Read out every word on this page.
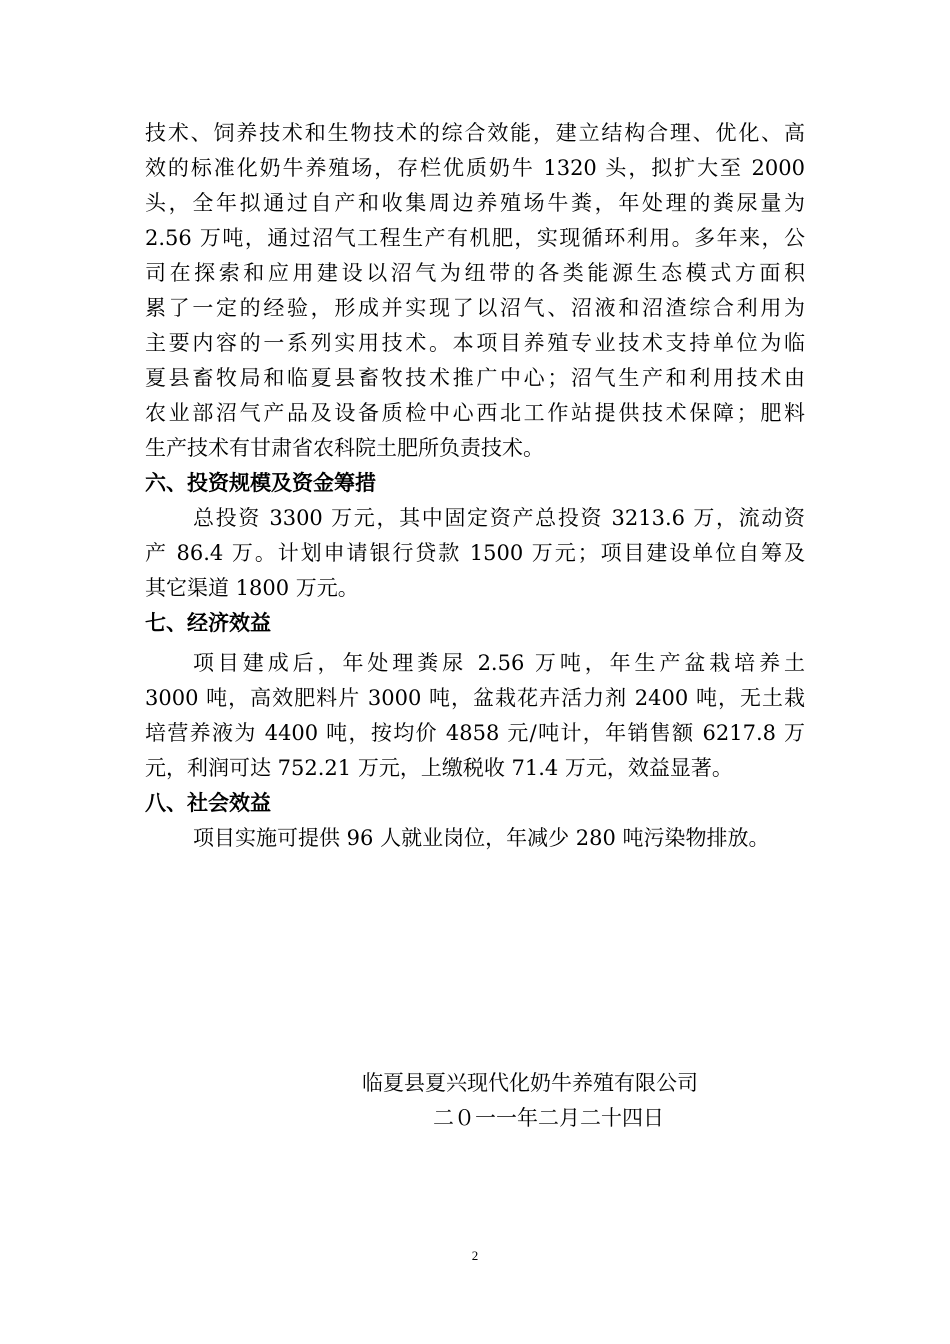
技术、饲养技术和生物技术的综合效能，建立结构合理、优化、高
效的标准化奶牛养殖场，存栏优质奶牛 1320 头，拟扩大至 2000
头，全年拟通过自产和收集周边养殖场牛粪，年处理的粪尿量为
2.56 万吨，通过沼气工程生产有机肥，实现循环利用。多年来，公
司在探索和应用建设以沼气为纽带的各类能源生态模式方面积
累了一定的经验，形成并实现了以沼气、沼液和沼渣综合利用为
主要内容的一系列实用技术。本项目养殖专业技术支持单位为临
夏县畜牧局和临夏县畜牧技术推广中心；沼气生产和利用技术由
农业部沼气产品及设备质检中心西北工作站提供技术保障；肥料
生产技术有甘肃省农科院土肥所负责技术。
六、投资规模及资金筹措
总投资 3300 万元，其中固定资产总投资 3213.6 万，流动资
产 86.4 万。计划申请银行贷款 1500 万元；项目建设单位自筹及
其它渠道 1800 万元。
七、经济效益
项目建成后，年处理粪尿 2.56 万吨，年生产盆栽培养土
3000 吨，高效肥料片 3000 吨，盆栽花卉活力剂 2400 吨，无土栽
培营养液为 4400 吨，按均价 4858 元/吨计，年销售额 6217.8 万
元，利润可达 752.21 万元，上缴税收 71.4 万元，效益显著。
八、社会效益
项目实施可提供 96 人就业岗位，年减少 280 吨污染物排放。
临夏县夏兴现代化奶牛养殖有限公司
二０一一年二月二十四日
2
